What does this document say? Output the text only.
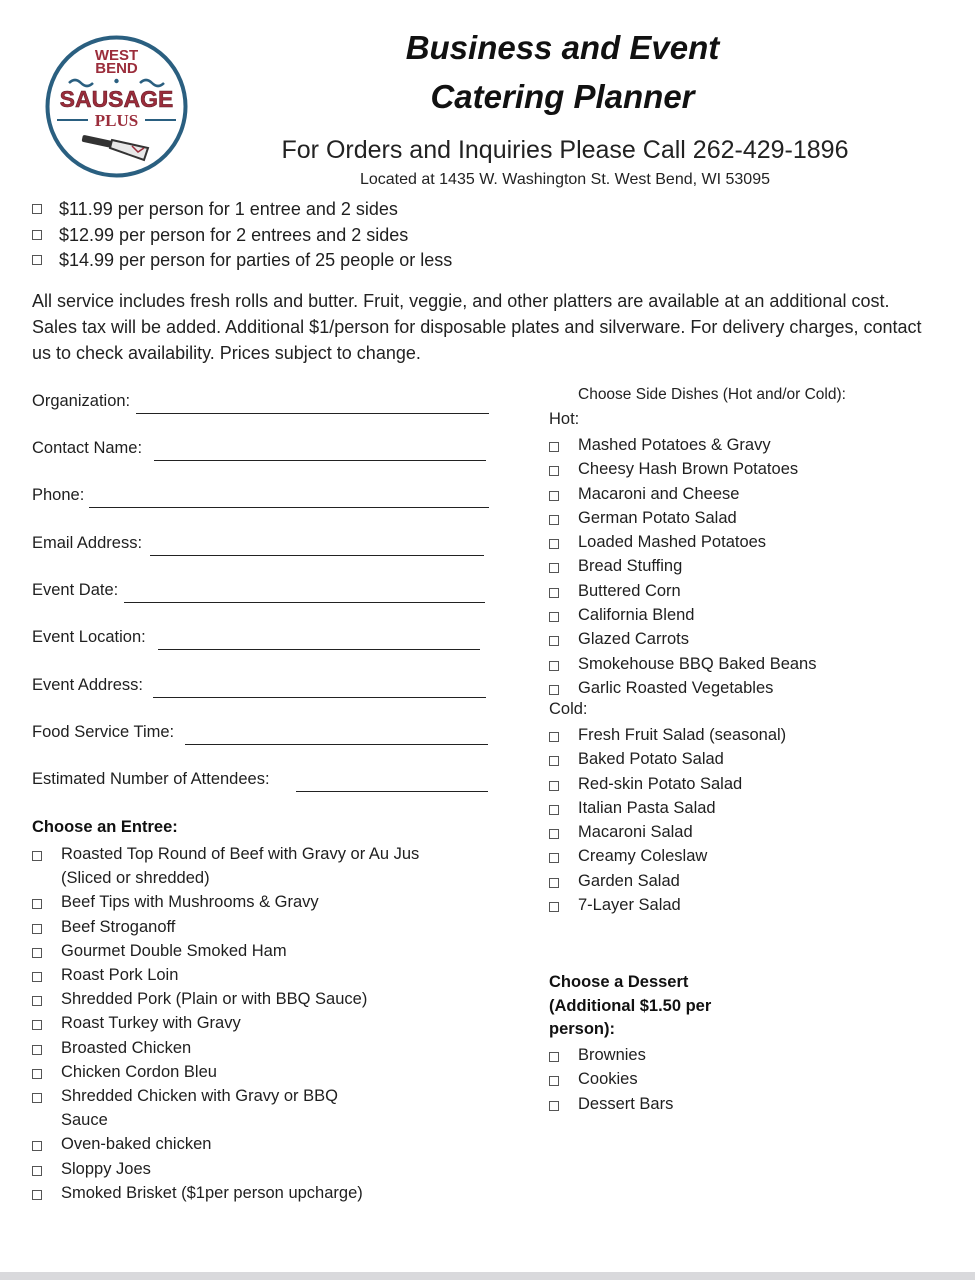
WEST
BEND
SAUSAGE
PLUS
Business and Event
Catering Planner
For Orders and Inquiries Please Call 262-429-1896
Located at 1435 W. Washington St. West Bend, WI 53095
$11.99 per person for 1 entree and 2 sides
$12.99 per person for 2 entrees and 2 sides
$14.99 per person for parties of 25 people or less
All service includes fresh rolls and butter. Fruit, veggie, and other platters are available at an additional cost. Sales tax will be added. Additional $1/person for disposable plates and silverware. For delivery charges, contact us to check availability. Prices subject to change.
Organization:
Contact Name:
Phone:
Email Address:
Event Date:
Event Location:
Event Address:
Food Service Time:
Estimated Number of Attendees:
Choose an Entree:
Roasted Top Round of Beef with Gravy or Au Jus (Sliced or shredded)
Beef Tips with Mushrooms & Gravy
Beef Stroganoff
Gourmet Double Smoked Ham
Roast Pork Loin
Shredded Pork (Plain or with BBQ Sauce)
Roast Turkey with Gravy
Broasted Chicken
Chicken Cordon Bleu
Shredded Chicken with Gravy or BBQ Sauce
Oven-baked chicken
Sloppy Joes
Smoked Brisket ($1per person upcharge)
Choose Side Dishes (Hot and/or Cold):
Hot:
Mashed Potatoes & Gravy
Cheesy Hash Brown Potatoes
Macaroni and Cheese
German Potato Salad
Loaded Mashed Potatoes
Bread Stuffing
Buttered Corn
California Blend
Glazed Carrots
Smokehouse BBQ Baked Beans
Garlic Roasted Vegetables
Cold:
Fresh Fruit Salad (seasonal)
Baked Potato Salad
Red-skin Potato Salad
Italian Pasta Salad
Macaroni Salad
Creamy Coleslaw
Garden Salad
7-Layer Salad
Choose a Dessert (Additional $1.50 per person):
Brownies
Cookies
Dessert Bars
